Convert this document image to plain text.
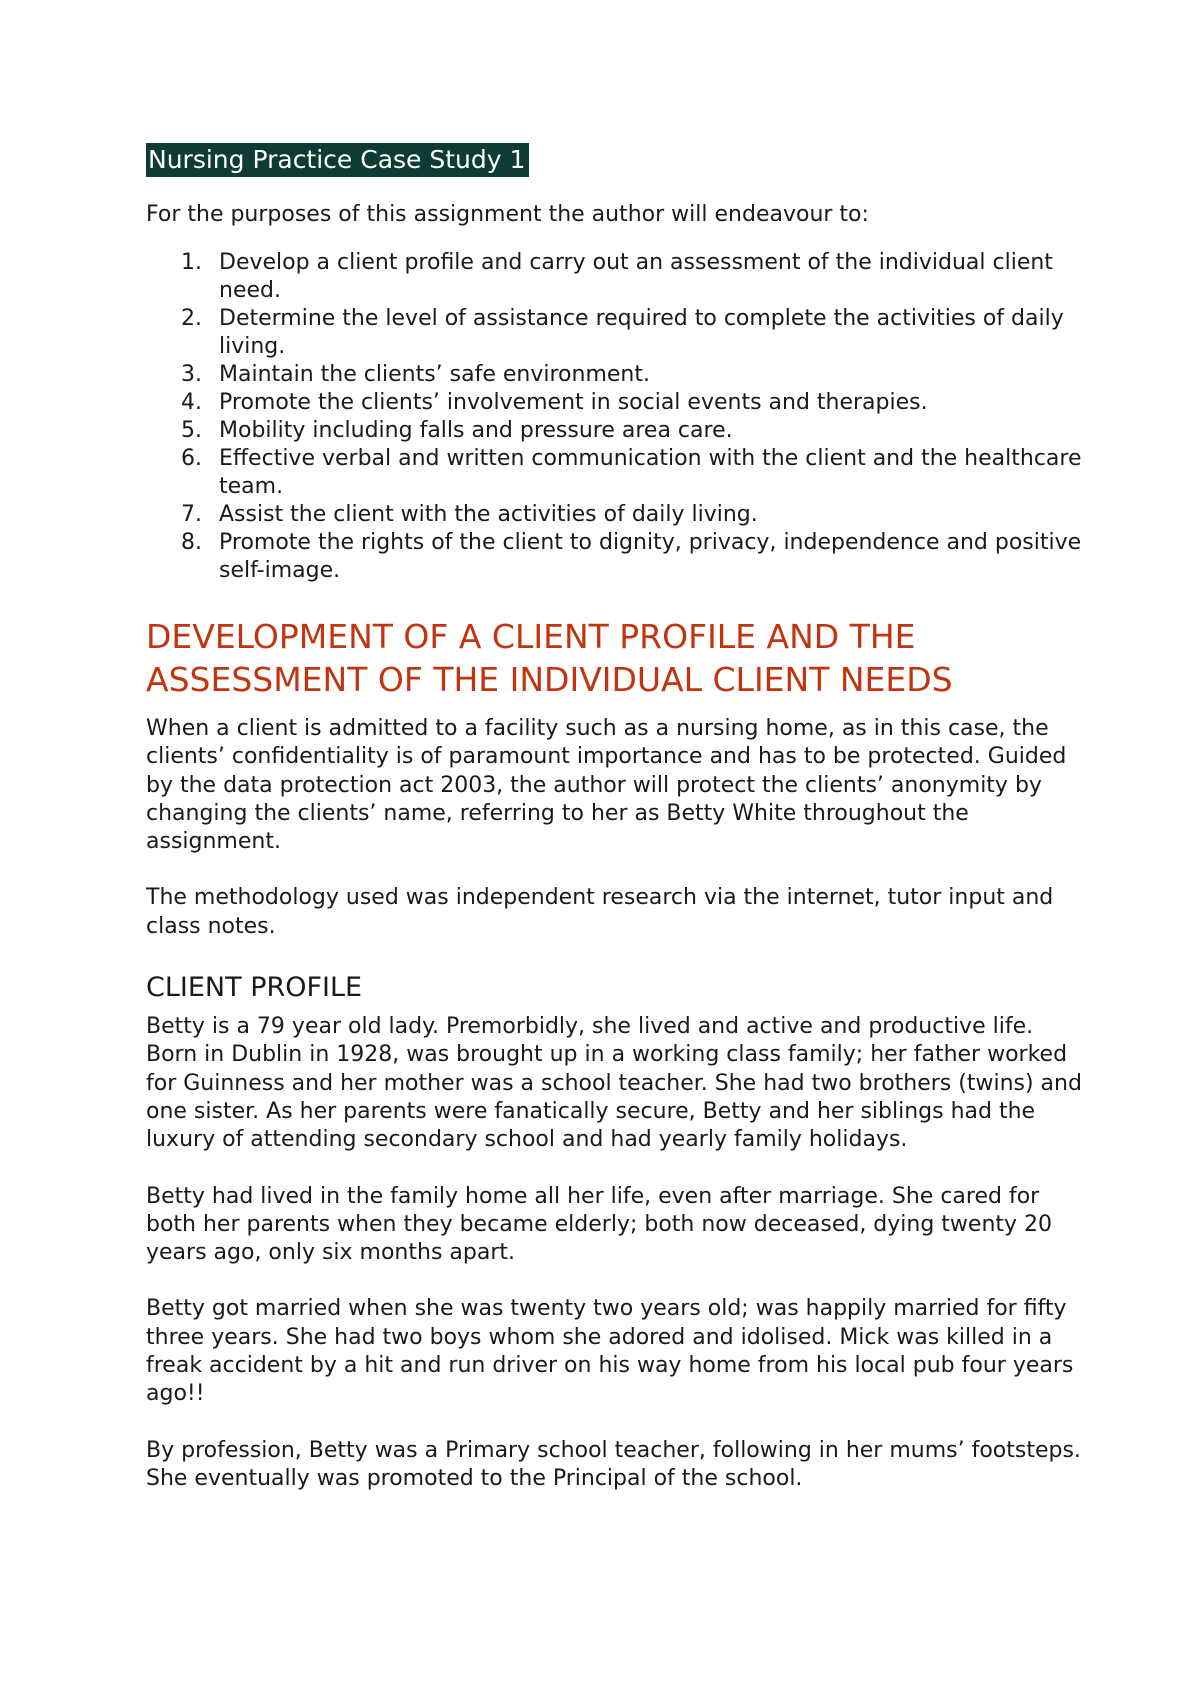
Nursing Practice Case Study 1

For the purposes of this assignment the author will endeavour to:

1. Develop a client profile and carry out an assessment of the individual client need.
2. Determine the level of assistance required to complete the activities of daily living.
3. Maintain the clients’ safe environment.
4. Promote the clients’ involvement in social events and therapies.
5. Mobility including falls and pressure area care.
6. Effective verbal and written communication with the client and the healthcare team.
7. Assist the client with the activities of daily living.
8. Promote the rights of the client to dignity, privacy, independence and positive self-image.
DEVELOPMENT OF A CLIENT PROFILE AND THE ASSESSMENT OF THE INDIVIDUAL CLIENT NEEDS

When a client is admitted to a facility such as a nursing home, as in this case, the clients’ confidentiality is of paramount importance and has to be protected. Guided by the data protection act 2003, the author will protect the clients’ anonymity by changing the clients’ name, referring to her as Betty White throughout the assignment.

The methodology used was independent research via the internet, tutor input and class notes.

CLIENT PROFILE

Betty is a 79 year old lady. Premorbidly, she lived and active and productive life. Born in Dublin in 1928, was brought up in a working class family; her father worked for Guinness and her mother was a school teacher. She had two brothers (twins) and one sister. As her parents were fanatically secure, Betty and her siblings had the luxury of attending secondary school and had yearly family holidays.

Betty had lived in the family home all her life, even after marriage. She cared for both her parents when they became elderly; both now deceased, dying twenty 20 years ago, only six months apart.

Betty got married when she was twenty two years old; was happily married for fifty three years. She had two boys whom she adored and idolised. Mick was killed in a freak accident by a hit and run driver on his way home from his local pub four years ago!!

By profession, Betty was a Primary school teacher, following in her mums’ footsteps. She eventually was promoted to the Principal of the school.
